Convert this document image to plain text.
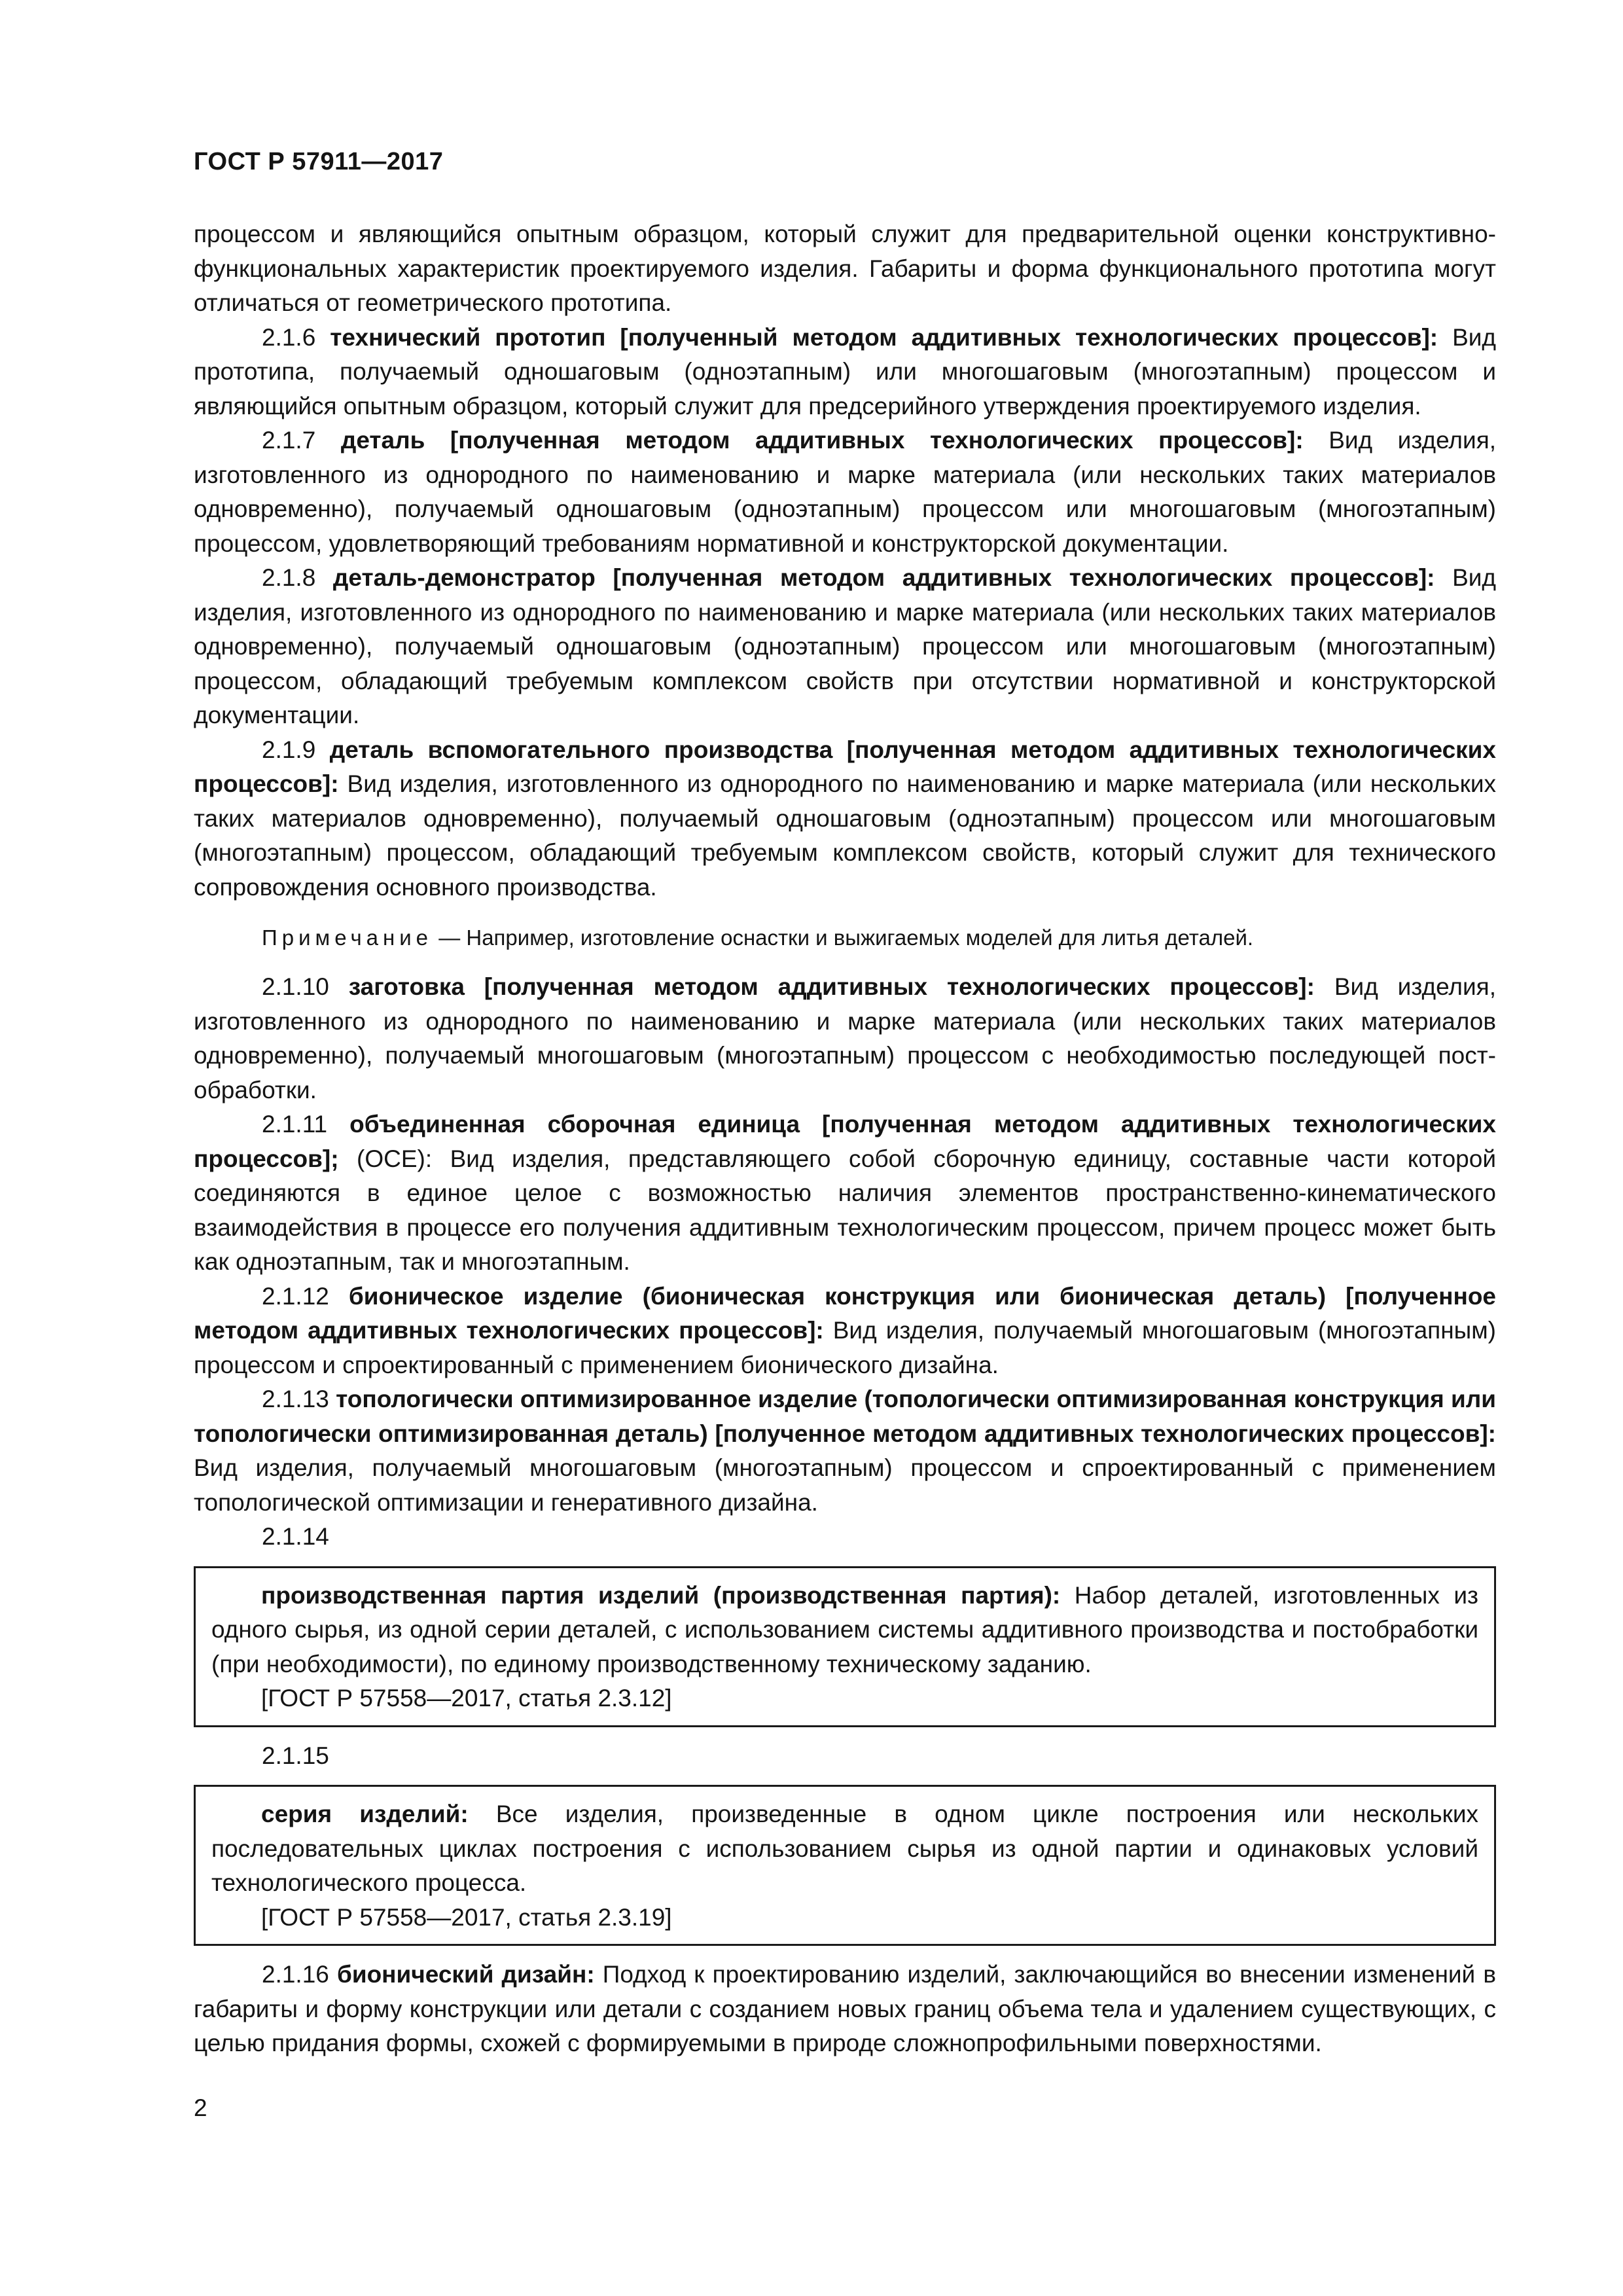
ГОСТ Р 57911—2017

процессом и являющийся опытным образцом, который служит для предварительной оценки конструктивно-функциональных характеристик проектируемого изделия. Габариты и форма функционального прототипа могут отличаться от геометрического прототипа.

2.1.6 технический прототип [полученный методом аддитивных технологических процессов]: Вид прототипа, получаемый одношаговым (одноэтапным) или многошаговым (многоэтапным) процессом и являющийся опытным образцом, который служит для предсерийного утверждения проектируемого изделия.

2.1.7 деталь [полученная методом аддитивных технологических процессов]: Вид изделия, изготовленного из однородного по наименованию и марке материала (или нескольких таких материалов одновременно), получаемый одношаговым (одноэтапным) процессом или многошаговым (многоэтапным) процессом, удовлетворяющий требованиям нормативной и конструкторской документации.

2.1.8 деталь-демонстратор [полученная методом аддитивных технологических процессов]: Вид изделия, изготовленного из однородного по наименованию и марке материала (или нескольких таких материалов одновременно), получаемый одношаговым (одноэтапным) процессом или многошаговым (многоэтапным) процессом, обладающий требуемым комплексом свойств при отсутствии нормативной и конструкторской документации.

2.1.9 деталь вспомогательного производства [полученная методом аддитивных технологических процессов]: Вид изделия, изготовленного из однородного по наименованию и марке материала (или нескольких таких материалов одновременно), получаемый одношаговым (одноэтапным) процессом или многошаговым (многоэтапным) процессом, обладающий требуемым комплексом свойств, который служит для технического сопровождения основного производства.

Примечание — Например, изготовление оснастки и выжигаемых моделей для литья деталей.

2.1.10 заготовка [полученная методом аддитивных технологических процессов]: Вид изделия, изготовленного из однородного по наименованию и марке материала (или нескольких таких материалов одновременно), получаемый многошаговым (многоэтапным) процессом с необходимостью последующей пост-обработки.

2.1.11 объединенная сборочная единица [полученная методом аддитивных технологических процессов]; (ОСЕ): Вид изделия, представляющего собой сборочную единицу, составные части которой соединяются в единое целое с возможностью наличия элементов пространственно-кинематического взаимодействия в процессе его получения аддитивным технологическим процессом, причем процесс может быть как одноэтапным, так и многоэтапным.

2.1.12 бионическое изделие (бионическая конструкция или бионическая деталь) [полученное методом аддитивных технологических процессов]: Вид изделия, получаемый многошаговым (многоэтапным) процессом и спроектированный с применением бионического дизайна.

2.1.13 топологически оптимизированное изделие (топологически оптимизированная конструкция или топологически оптимизированная деталь) [полученное методом аддитивных технологических процессов]: Вид изделия, получаемый многошаговым (многоэтапным) процессом и спроектированный с применением топологической оптимизации и генеративного дизайна.

2.1.14

производственная партия изделий (производственная партия): Набор деталей, изготовленных из одного сырья, из одной серии деталей, с использованием системы аддитивного производства и постобработки (при необходимости), по единому производственному техническому заданию.

[ГОСТ Р 57558—2017, статья 2.3.12]

2.1.15

серия изделий: Все изделия, произведенные в одном цикле построения или нескольких последовательных циклах построения с использованием сырья из одной партии и одинаковых условий технологического процесса.

[ГОСТ Р 57558—2017, статья 2.3.19]

2.1.16 бионический дизайн: Подход к проектированию изделий, заключающийся во внесении изменений в габариты и форму конструкции или детали с созданием новых границ объема тела и удалением существующих, с целью придания формы, схожей с формируемыми в природе сложнопрофильными поверхностями.

2
